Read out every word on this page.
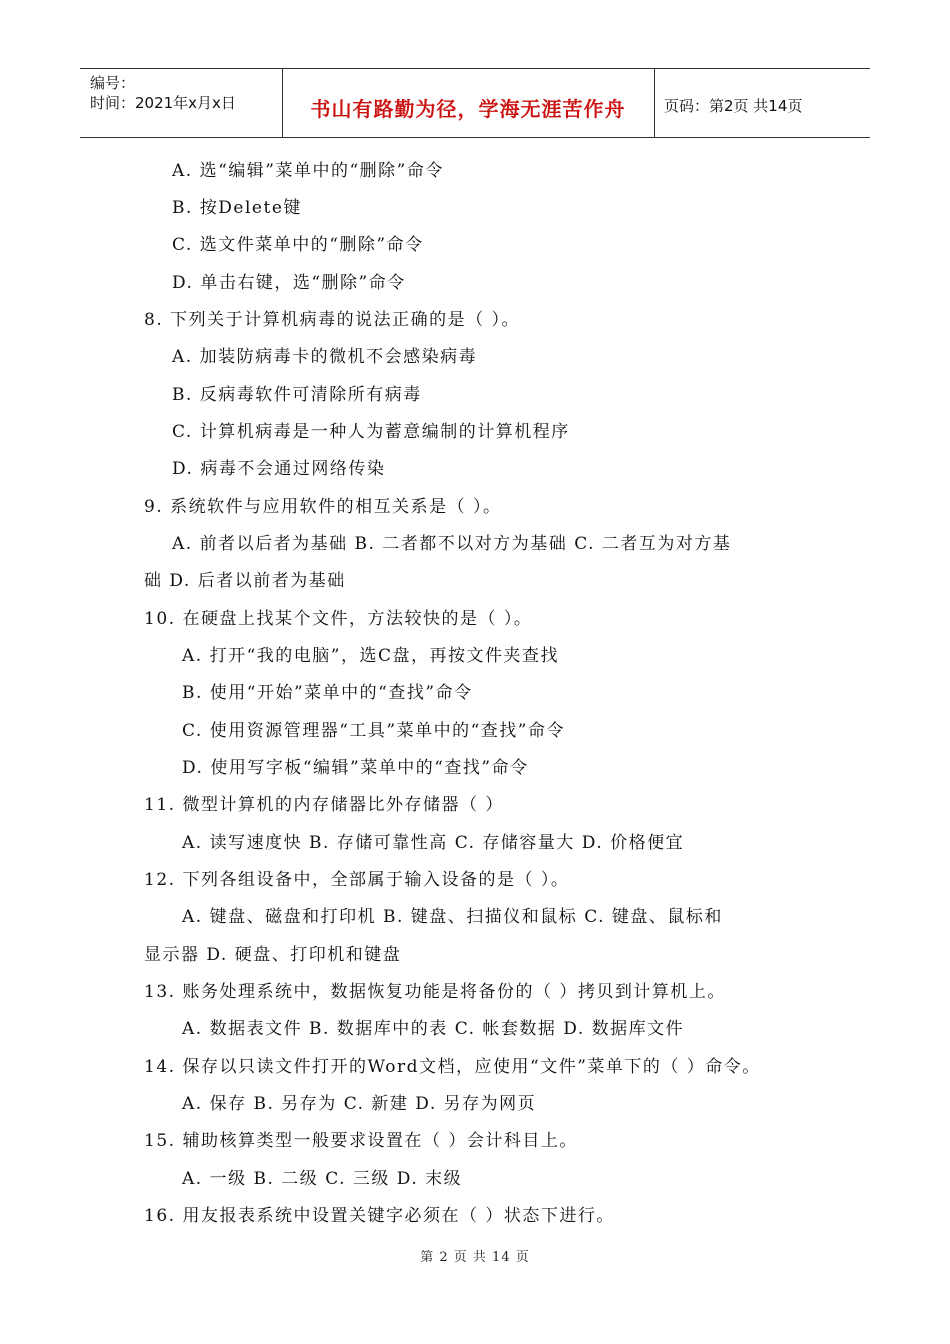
编号：
时间：2021年x月x日	书山有路勤为径，学海无涯苦作舟	页码：第2页 共14页
A. 选“编辑”菜单中的“删除”命令
B. 按Delete键
C. 选文件菜单中的“删除”命令
D. 单击右键，选“删除”命令
8. 下列关于计算机病毒的说法正确的是（ ）。
A. 加装防病毒卡的微机不会感染病毒
B. 反病毒软件可清除所有病毒
C. 计算机病毒是一种人为蓄意编制的计算机程序
D. 病毒不会通过网络传染
9. 系统软件与应用软件的相互关系是（ ）。
A. 前者以后者为基础 B. 二者都不以对方为基础 C. 二者互为对方基
础 D. 后者以前者为基础
10. 在硬盘上找某个文件，方法较快的是（ ）。
A. 打开“我的电脑”，选C盘，再按文件夹查找
B. 使用“开始”菜单中的“查找”命令
C. 使用资源管理器“工具”菜单中的“查找”命令
D. 使用写字板“编辑”菜单中的“查找”命令
11. 微型计算机的内存储器比外存储器（ ）
A. 读写速度快 B. 存储可靠性高 C. 存储容量大 D. 价格便宜
12. 下列各组设备中，全部属于输入设备的是（ ）。
A. 键盘、磁盘和打印机 B. 键盘、扫描仪和鼠标 C. 键盘、鼠标和
显示器 D. 硬盘、打印机和键盘
13. 账务处理系统中，数据恢复功能是将备份的（ ）拷贝到计算机上。
A. 数据表文件 B. 数据库中的表 C. 帐套数据 D. 数据库文件
14. 保存以只读文件打开的Word文档，应使用“文件”菜单下的（ ）命令。
A. 保存 B. 另存为 C. 新建 D. 另存为网页
15. 辅助核算类型一般要求设置在（ ）会计科目上。
A. 一级 B. 二级 C. 三级 D. 末级
16. 用友报表系统中设置关键字必须在（ ）状态下进行。
第 2 页 共 14 页
